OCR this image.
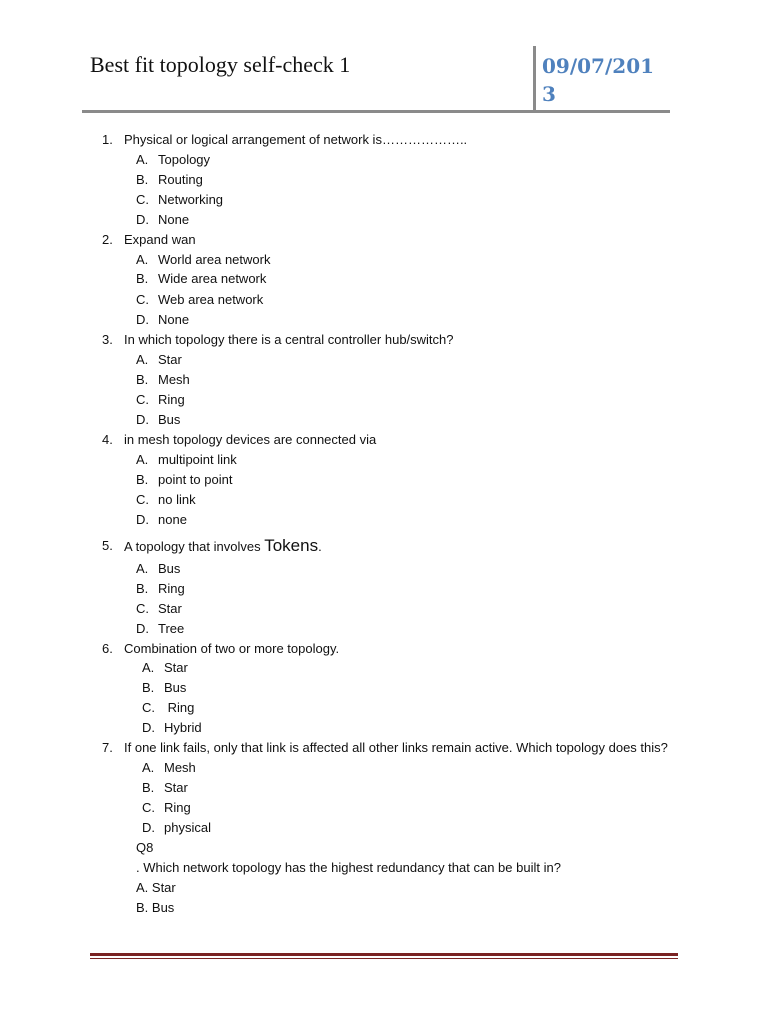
Best fit topology self-check 1	09/07/2013
1. Physical or logical arrangement of network is………………..
A. Topology
B. Routing
C. Networking
D. None
2. Expand wan
A. World area network
B. Wide area network
C. Web area network
D. None
3. In which topology there is a central controller hub/switch?
A. Star
B. Mesh
C. Ring
D. Bus
4. in mesh topology devices are connected via
A. multipoint link
B. point to point
C. no link
D. none
5. A topology that involves Tokens.
A. Bus
B. Ring
C. Star
D. Tree
6. Combination of two or more topology.
A. Star
B. Bus
C. Ring
D. Hybrid
7. If one link fails, only that link is affected all other links remain active. Which topology does this?
A. Mesh
B. Star
C. Ring
D. physical
Q8
. Which network topology has the highest redundancy that can be built in?
A. Star
B. Bus
